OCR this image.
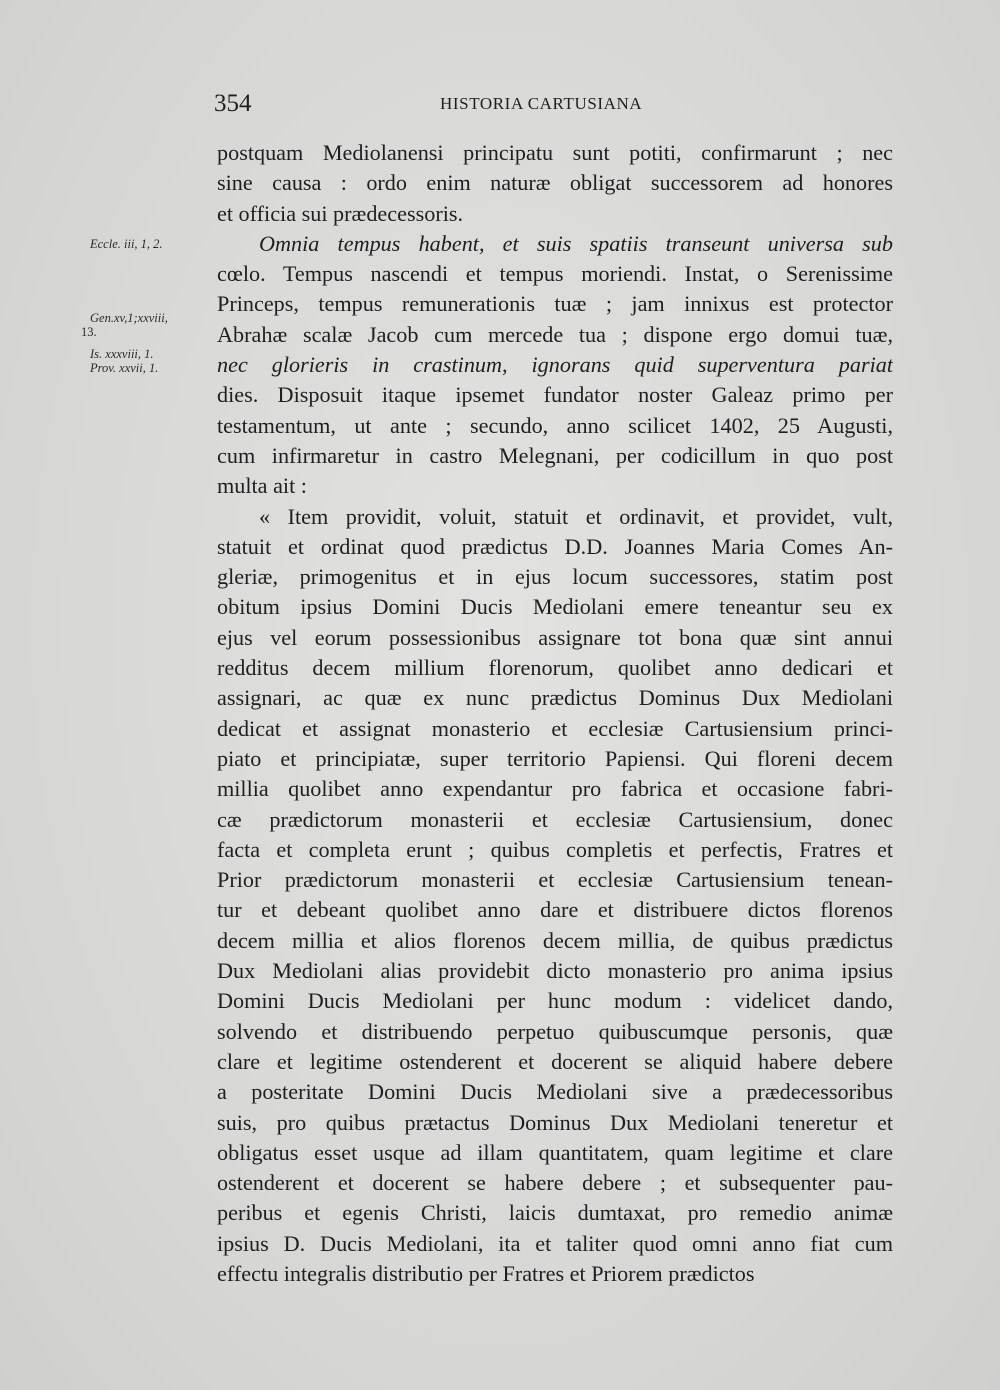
354	HISTORIA CARTUSIANA
Eccle. iii, 1, 2.
Gen.xv,1;xxviii,
13.
Is. xxxviii, 1.
Prov. xxvii, 1.
postquam Mediolanensi principatu sunt potiti, confirmarunt ; nec
sine causa : ordo enim naturæ obligat successorem ad honores
et officia sui prædecessoris.
Omnia tempus habent, et suis spatiis transeunt universa sub
cœlo. Tempus nascendi et tempus moriendi. Instat, o Serenissime
Princeps, tempus remunerationis tuæ ; jam innixus est protector
Abrahæ scalæ Jacob cum mercede tua ; dispone ergo domui tuæ,
nec glorieris in crastinum, ignorans quid superventura pariat
dies. Disposuit itaque ipsemet fundator noster Galeaz primo per
testamentum, ut ante ; secundo, anno scilicet 1402, 25 Augusti,
cum infirmaretur in castro Melegnani, per codicillum in quo post
multa ait :
« Item providit, voluit, statuit et ordinavit, et providet, vult,
statuit et ordinat quod prædictus D.D. Joannes Maria Comes An-
gleriæ, primogenitus et in ejus locum successores, statim post
obitum ipsius Domini Ducis Mediolani emere teneantur seu ex
ejus vel eorum possessionibus assignare tot bona quæ sint annui
redditus decem millium florenorum, quolibet anno dedicari et
assignari, ac quæ ex nunc prædictus Dominus Dux Mediolani
dedicat et assignat monasterio et ecclesiæ Cartusiensium princi-
piato et principiatæ, super territorio Papiensi. Qui floreni decem
millia quolibet anno expendantur pro fabrica et occasione fabri-
cæ prædictorum monasterii et ecclesiæ Cartusiensium, donec
facta et completa erunt ; quibus completis et perfectis, Fratres et
Prior prædictorum monasterii et ecclesiæ Cartusiensium tenean-
tur et debeant quolibet anno dare et distribuere dictos florenos
decem millia et alios florenos decem millia, de quibus prædictus
Dux Mediolani alias providebit dicto monasterio pro anima ipsius
Domini Ducis Mediolani per hunc modum : videlicet dando,
solvendo et distribuendo perpetuo quibuscumque personis, quæ
clare et legitime ostenderent et docerent se aliquid habere debere
a posteritate Domini Ducis Mediolani sive a prædecessoribus
suis, pro quibus prætactus Dominus Dux Mediolani teneretur et
obligatus esset usque ad illam quantitatem, quam legitime et clare
ostenderent et docerent se habere debere ; et subsequenter pau-
peribus et egenis Christi, laicis dumtaxat, pro remedio animæ
ipsius D. Ducis Mediolani, ita et taliter quod omni anno fiat cum
effectu integralis distributio per Fratres et Priorem prædictos
